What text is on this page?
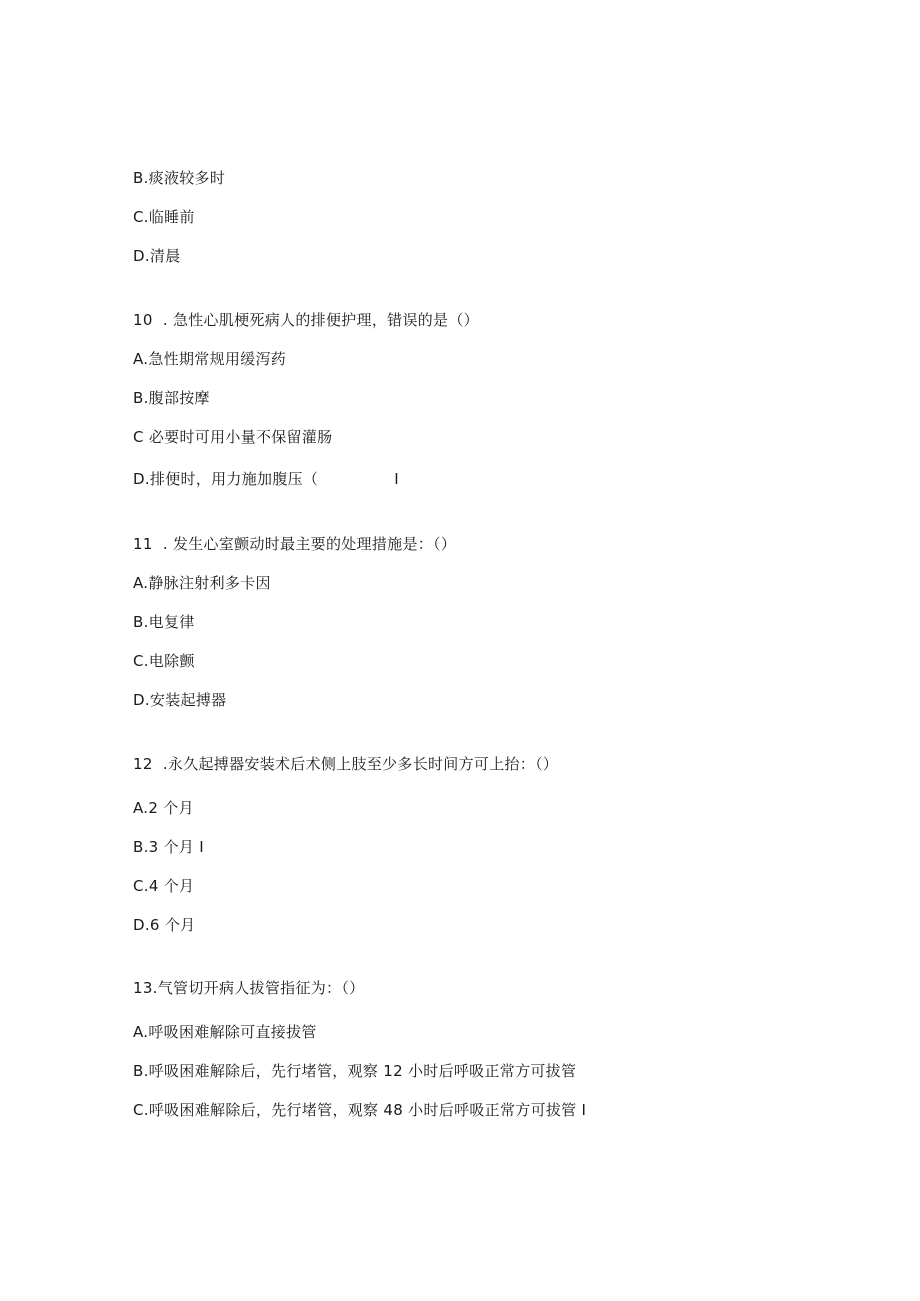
B.痰液较多时
C.临睡前
D.清晨
10  . 急性心肌梗死病人的排便护理，错误的是（）
A.急性期常规用缓泻药
B.腹部按摩
C 必要时可用小量不保留灌肠
D.排便时，用力施加腹压（               I
11  . 发生心室颤动时最主要的处理措施是：（）
A.静脉注射利多卡因
B.电复律
C.电除颤
D.安装起搏器
12  .永久起搏器安装术后术侧上肢至少多长时间方可上抬：（）
A.2 个月
B.3 个月 I
C.4 个月
D.6 个月
13.气管切开病人拔管指征为：（）
A.呼吸困难解除可直接拔管
B.呼吸困难解除后，先行堵管，观察 12 小时后呼吸正常方可拔管
C.呼吸困难解除后，先行堵管，观察 48 小时后呼吸正常方可拔管 I
